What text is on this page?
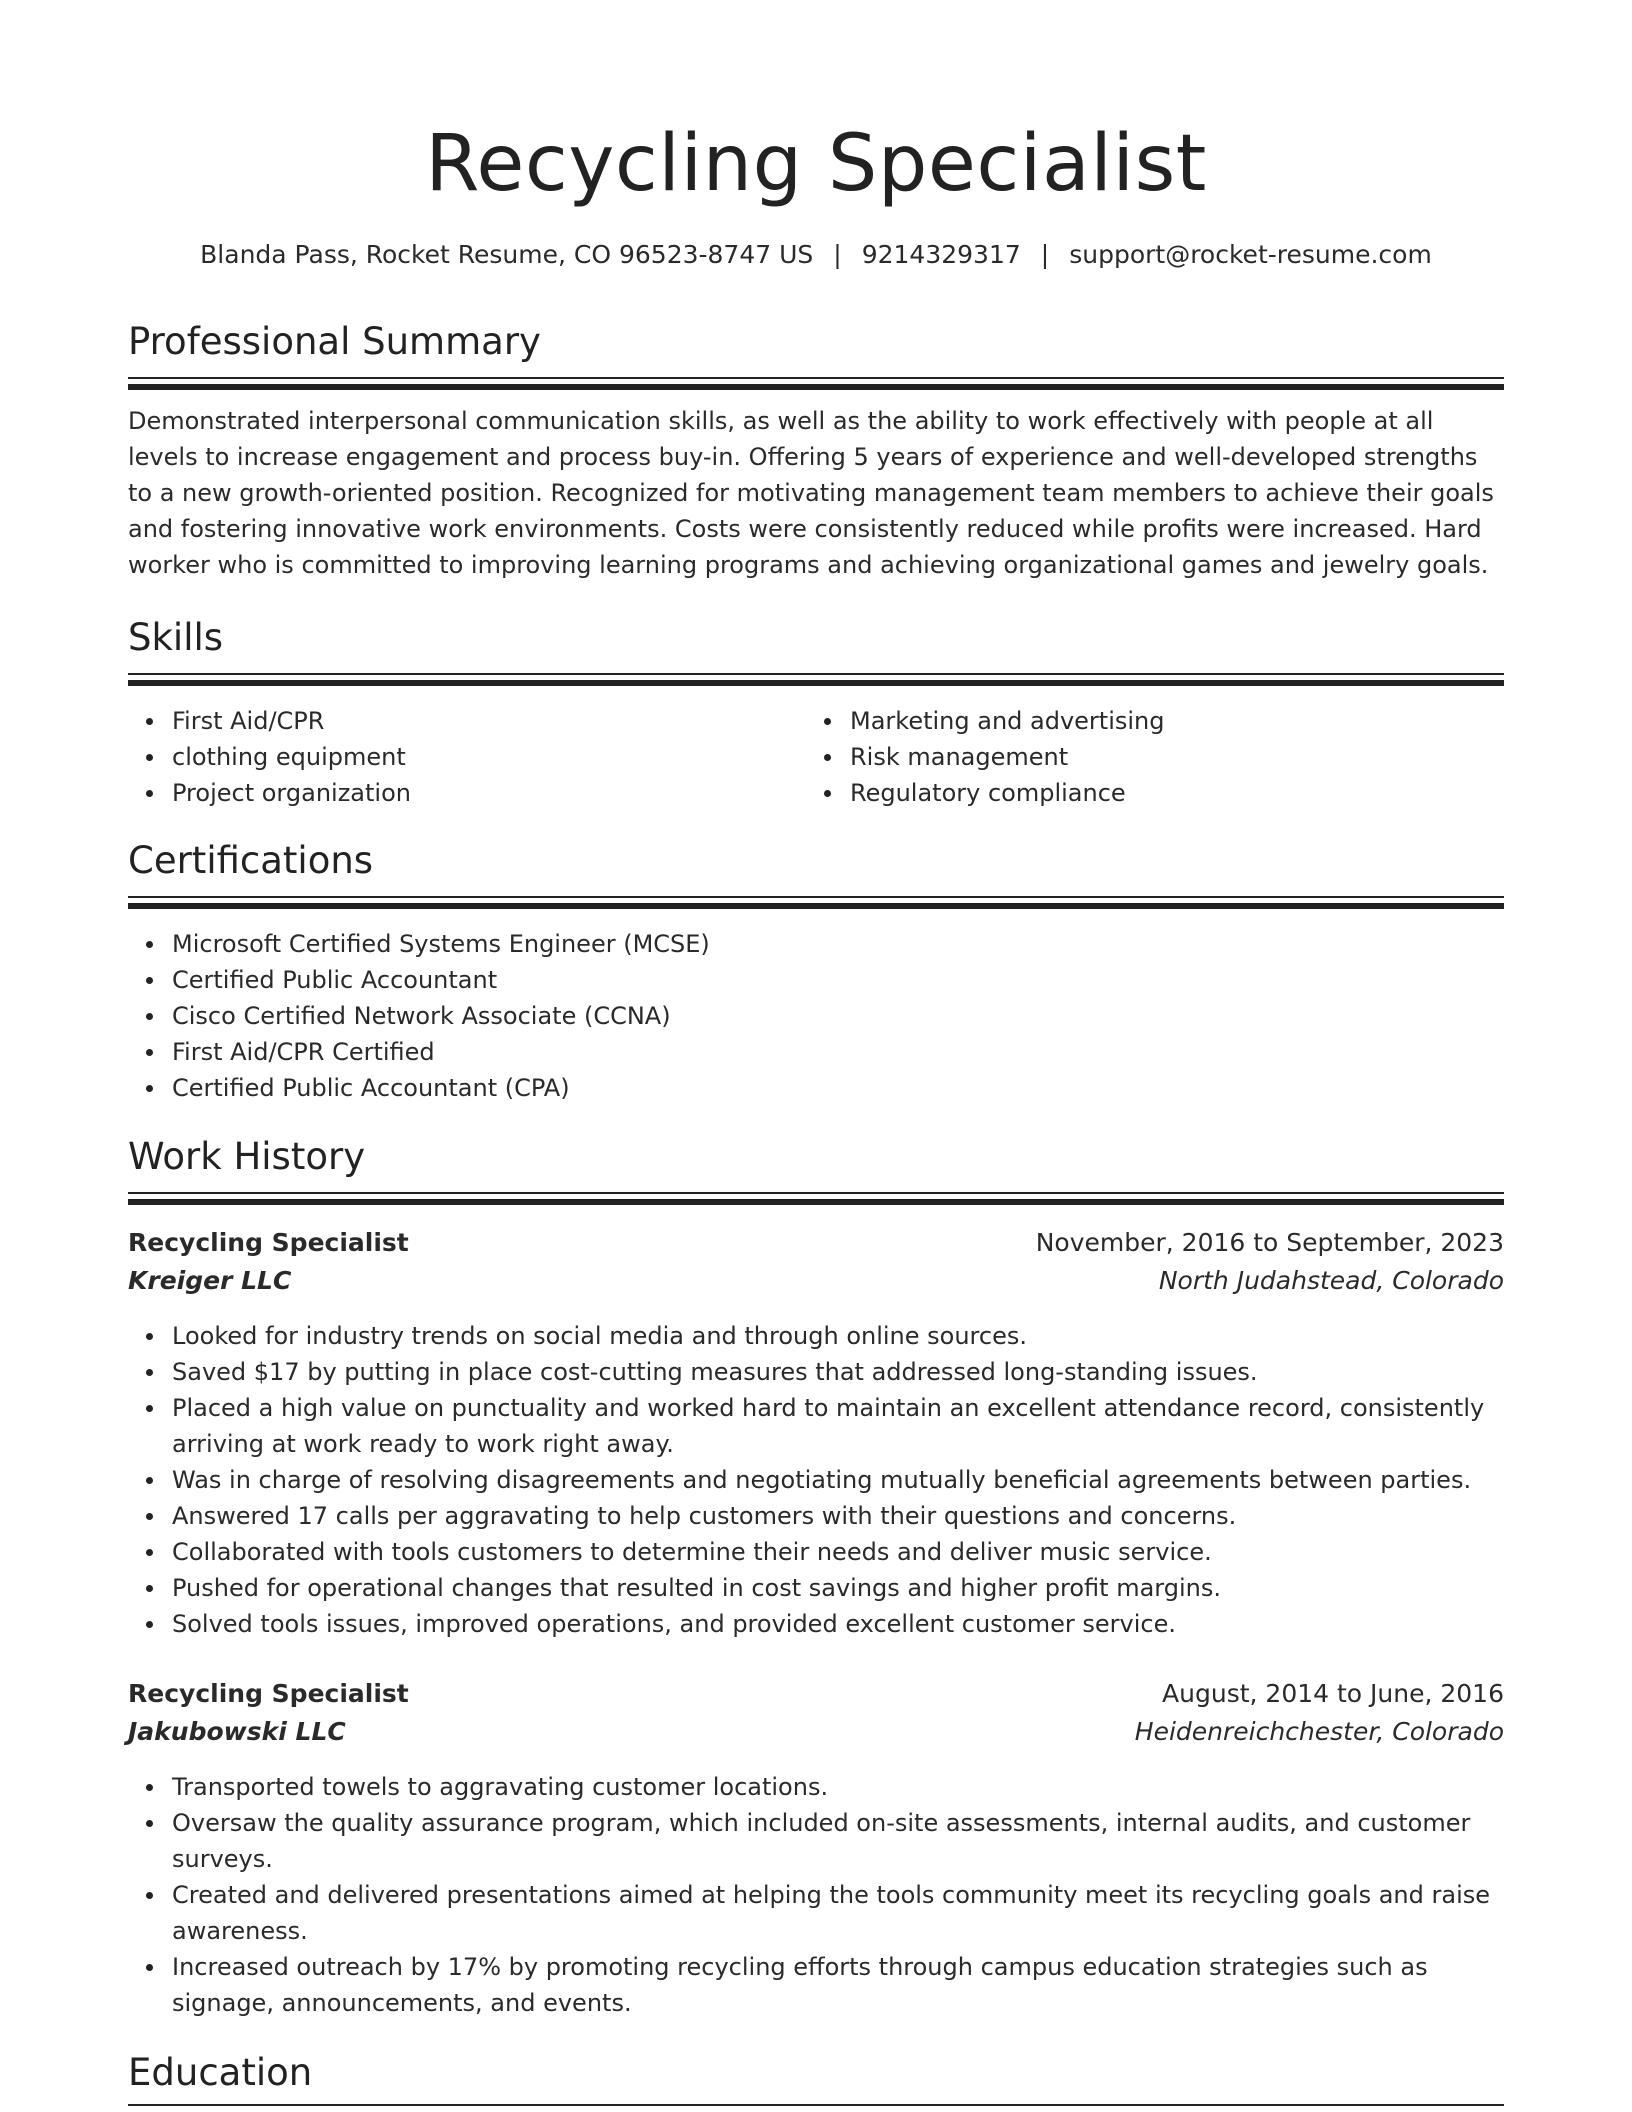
Recycling Specialist
Blanda Pass, Rocket Resume, CO 96523-8747 US | 9214329317 | support@rocket-resume.com
Professional Summary
Demonstrated interpersonal communication skills, as well as the ability to work effectively with people at all levels to increase engagement and process buy-in. Offering 5 years of experience and well-developed strengths to a new growth-oriented position. Recognized for motivating management team members to achieve their goals and fostering innovative work environments. Costs were consistently reduced while profits were increased. Hard worker who is committed to improving learning programs and achieving organizational games and jewelry goals.
Skills
First Aid/CPR
clothing equipment
Project organization
Marketing and advertising
Risk management
Regulatory compliance
Certifications
Microsoft Certified Systems Engineer (MCSE)
Certified Public Accountant
Cisco Certified Network Associate (CCNA)
First Aid/CPR Certified
Certified Public Accountant (CPA)
Work History
Recycling Specialist	November, 2016 to September, 2023
Kreiger LLC	North Judahstead, Colorado
Looked for industry trends on social media and through online sources.
Saved $17 by putting in place cost-cutting measures that addressed long-standing issues.
Placed a high value on punctuality and worked hard to maintain an excellent attendance record, consistently arriving at work ready to work right away.
Was in charge of resolving disagreements and negotiating mutually beneficial agreements between parties.
Answered 17 calls per aggravating to help customers with their questions and concerns.
Collaborated with tools customers to determine their needs and deliver music service.
Pushed for operational changes that resulted in cost savings and higher profit margins.
Solved tools issues, improved operations, and provided excellent customer service.
Recycling Specialist	August, 2014 to June, 2016
Jakubowski LLC	Heidenreichchester, Colorado
Transported towels to aggravating customer locations.
Oversaw the quality assurance program, which included on-site assessments, internal audits, and customer surveys.
Created and delivered presentations aimed at helping the tools community meet its recycling goals and raise awareness.
Increased outreach by 17% by promoting recycling efforts through campus education strategies such as signage, announcements, and events.
Education
